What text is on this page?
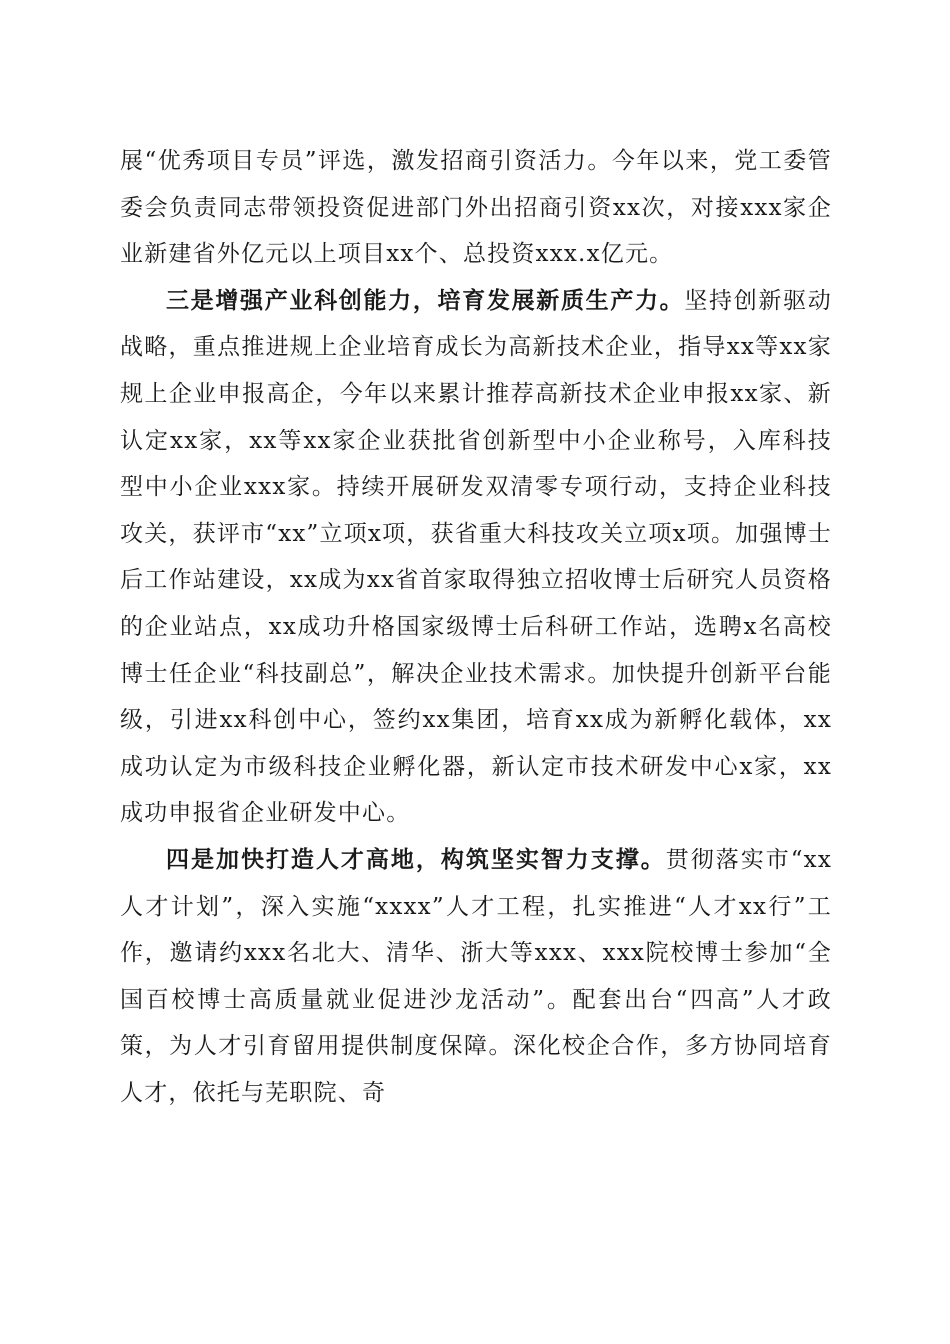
展“优秀项目专员”评选，激发招商引资活力。今年以来，党工委管委会负责同志带领投资促进部门外出招商引资xx次，对接xxx家企业新建省外亿元以上项目xx个、总投资xxx.x亿元。

三是增强产业科创能力，培育发展新质生产力。坚持创新驱动战略，重点推进规上企业培育成长为高新技术企业，指导xx等xx家规上企业申报高企，今年以来累计推荐高新技术企业申报xx家、新认定xx家，xx等xx家企业获批省创新型中小企业称号，入库科技型中小企业xxx家。持续开展研发双清零专项行动，支持企业科技攻关，获评市“xx”立项x项，获省重大科技攻关立项x项。加强博士后工作站建设，xx成为xx省首家取得独立招收博士后研究人员资格的企业站点，xx成功升格国家级博士后科研工作站，选聘x名高校博士任企业“科技副总”，解决企业技术需求。加快提升创新平台能级，引进xx科创中心，签约xx集团，培育xx成为新孵化载体，xx成功认定为市级科技企业孵化器，新认定市技术研发中心x家，xx成功申报省企业研发中心。

四是加快打造人才高地，构筑坚实智力支撑。贯彻落实市“xx人才计划”，深入实施“xxxx”人才工程，扎实推进“人才xx行”工作，邀请约xxx名北大、清华、浙大等xxx、xxx院校博士参加“全国百校博士高质量就业促进沙龙活动”。配套出台“四高”人才政策，为人才引育留用提供制度保障。深化校企合作，多方协同培育人才，依托与芜职院、奇
